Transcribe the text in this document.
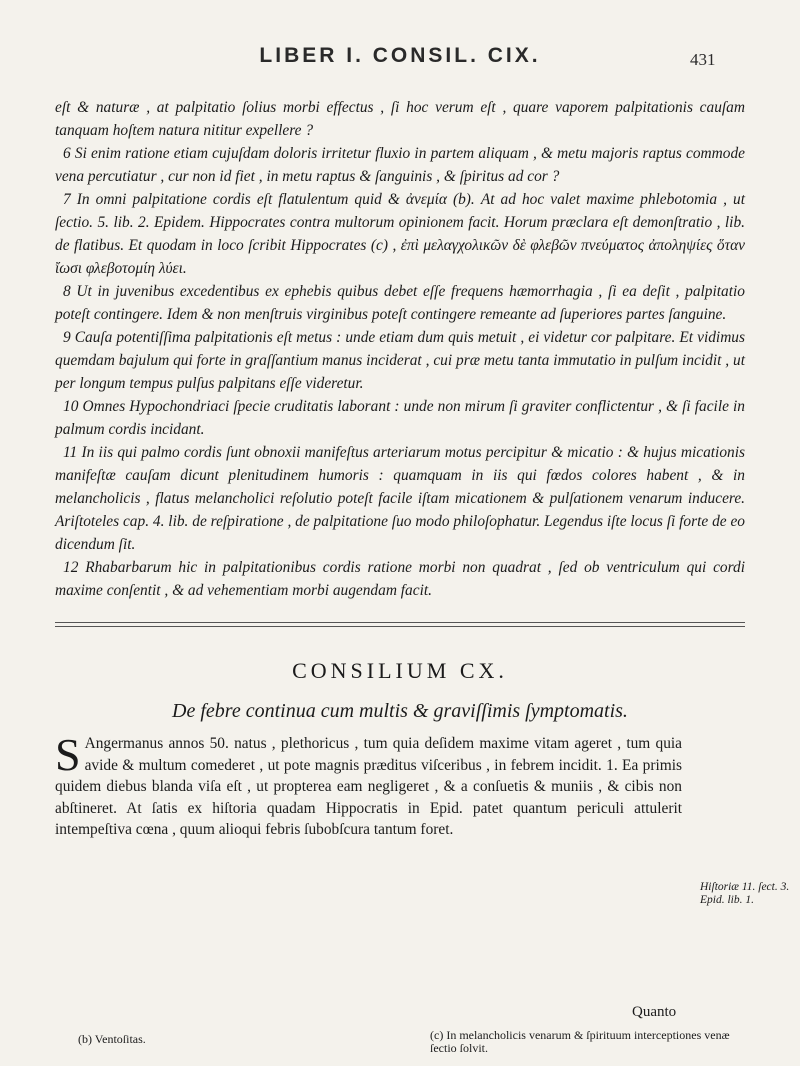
LIBER I. CONSIL. CIX.	431

eſt & naturæ , at palpitatio ſolius morbi effectus , ſi hoc verum eſt , quare vaporem palpitationis cauſam tanquam hoſtem natura nititur expellere ?

6 Si enim ratione etiam cujuſdam doloris irritetur fluxio in partem aliquam , & metu majoris raptus commode vena percutiatur , cur non id fiet , in metu raptus & ſanguinis , & ſpiritus ad cor ?

7 In omni palpitatione cordis eſt flatulentum quid & ἀνεμία (b). At ad hoc valet maxime phlebotomia , ut ſectio. 5. lib. 2. Epidem. Hippocrates contra multorum opinionem facit. Horum præclara eſt demonſtratio , lib. de flatibus. Et quodam in loco ſcribit Hippocrates (c) , ἐπὶ μελαγχολικῶν δὲ φλεβῶν πνεύματος ἀποληψίες ὅταν ἴωσι φλεβοτομίη λύει.

8 Ut in juvenibus excedentibus ex ephebis quibus debet eſſe frequens hæmorrhagia , ſi ea deſit , palpitatio poteſt contingere. Idem & non menſtruis virginibus poteſt contingere remeante ad ſuperiores partes ſanguine.

9 Cauſa potentiſſima palpitationis eſt metus : unde etiam dum quis metuit , ei videtur cor palpitare. Et vidimus quemdam bajulum qui forte in graſſantium manus inciderat , cui præ metu tanta immutatio in pulſum incidit , ut per longum tempus pulſus palpitans eſſe videretur.

10 Omnes Hypochondriaci ſpecie cruditatis laborant : unde non mirum ſi graviter conflictentur , & ſi facile in palmum cordis incidant.

11 In iis qui palmo cordis ſunt obnoxii manifeſtus arteriarum motus percipitur & micatio : & hujus micationis manifeſtæ cauſam dicunt plenitudinem humoris : quamquam in iis qui fœdos colores habent , & in melancholicis , flatus melancholici reſolutio poteſt facile iſtam micationem & pulſationem venarum inducere. Ariſtoteles cap. 4. lib. de reſpiratione , de palpitatione ſuo modo philoſophatur. Legendus iſte locus ſi forte de eo dicendum ſit.

12 Rhabarbarum hic in palpitationibus cordis ratione morbi non quadrat , ſed ob ventriculum qui cordi maxime conſentit , & ad vehementiam morbi augendam facit.

CONSILIUM CX.
De febre continua cum multis & graviſſimis ſymptomatis.
S Angermanus annos 50. natus , plethoricus , tum quia deſidem maxime vitam ageret , tum quia avide & multum comederet , ut pote magnis præditus viſceribus , in febrem incidit. 1. Ea primis quidem diebus blanda viſa eſt , ut propterea eam negligeret , & a conſuetis & muniis , & cibis non abſtineret. At ſatis ex hiſtoria quadam Hippocratis in Epid. patet quantum periculi attulerit intempeſtiva cœna , quum alioqui febris ſubobſcura tantum foret.
Hiſtoriæ 11. ſect. 3. Epid. lib. 1.
Quanto
(b) Ventoſitas.	(c) In melancholicis venarum & ſpirituum interceptiones venæ ſectio ſolvit.
